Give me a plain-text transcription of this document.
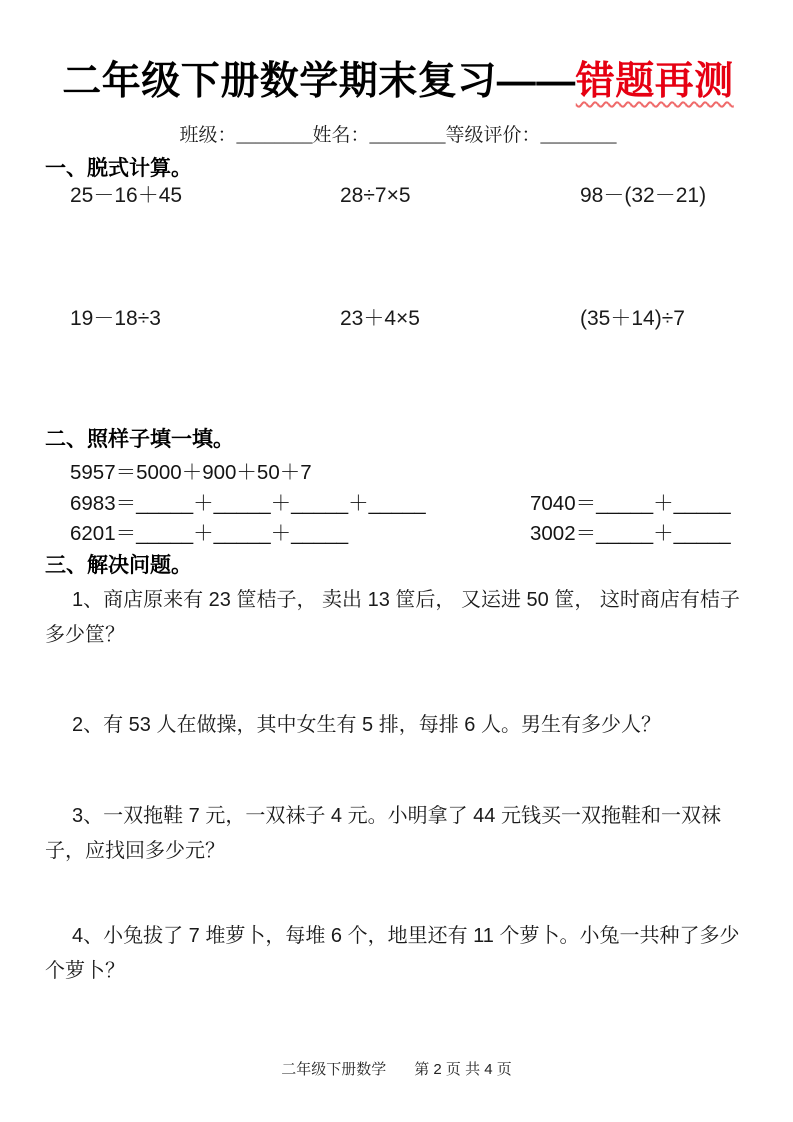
二年级下册数学期末复习——错题再测
班级：________姓名：________等级评价：________
一、脱式计算。
25－16＋45	28÷7×5	98－(32－21)
19－18÷3	23＋4×5	(35＋14)÷7
二、照样子填一填。
5957＝5000＋900＋50＋7
6983＝_____＋_____＋_____＋_____	7040＝_____＋_____
6201＝_____＋_____＋_____	3002＝_____＋_____
三、解决问题。

1、商店原来有 23 筐桔子， 卖出 13 筐后， 又运进 50 筐， 这时商店有桔子多少筐？

2、有 53 人在做操，其中女生有 5 排，每排 6 人。男生有多少人？

3、一双拖鞋 7 元，一双袜子 4 元。小明拿了 44 元钱买一双拖鞋和一双袜子，应找回多少元？

4、小兔拔了 7 堆萝卜，每堆 6 个，地里还有 11 个萝卜。小兔一共种了多少个萝卜？

二年级下册数学 第 2 页 共 4 页
